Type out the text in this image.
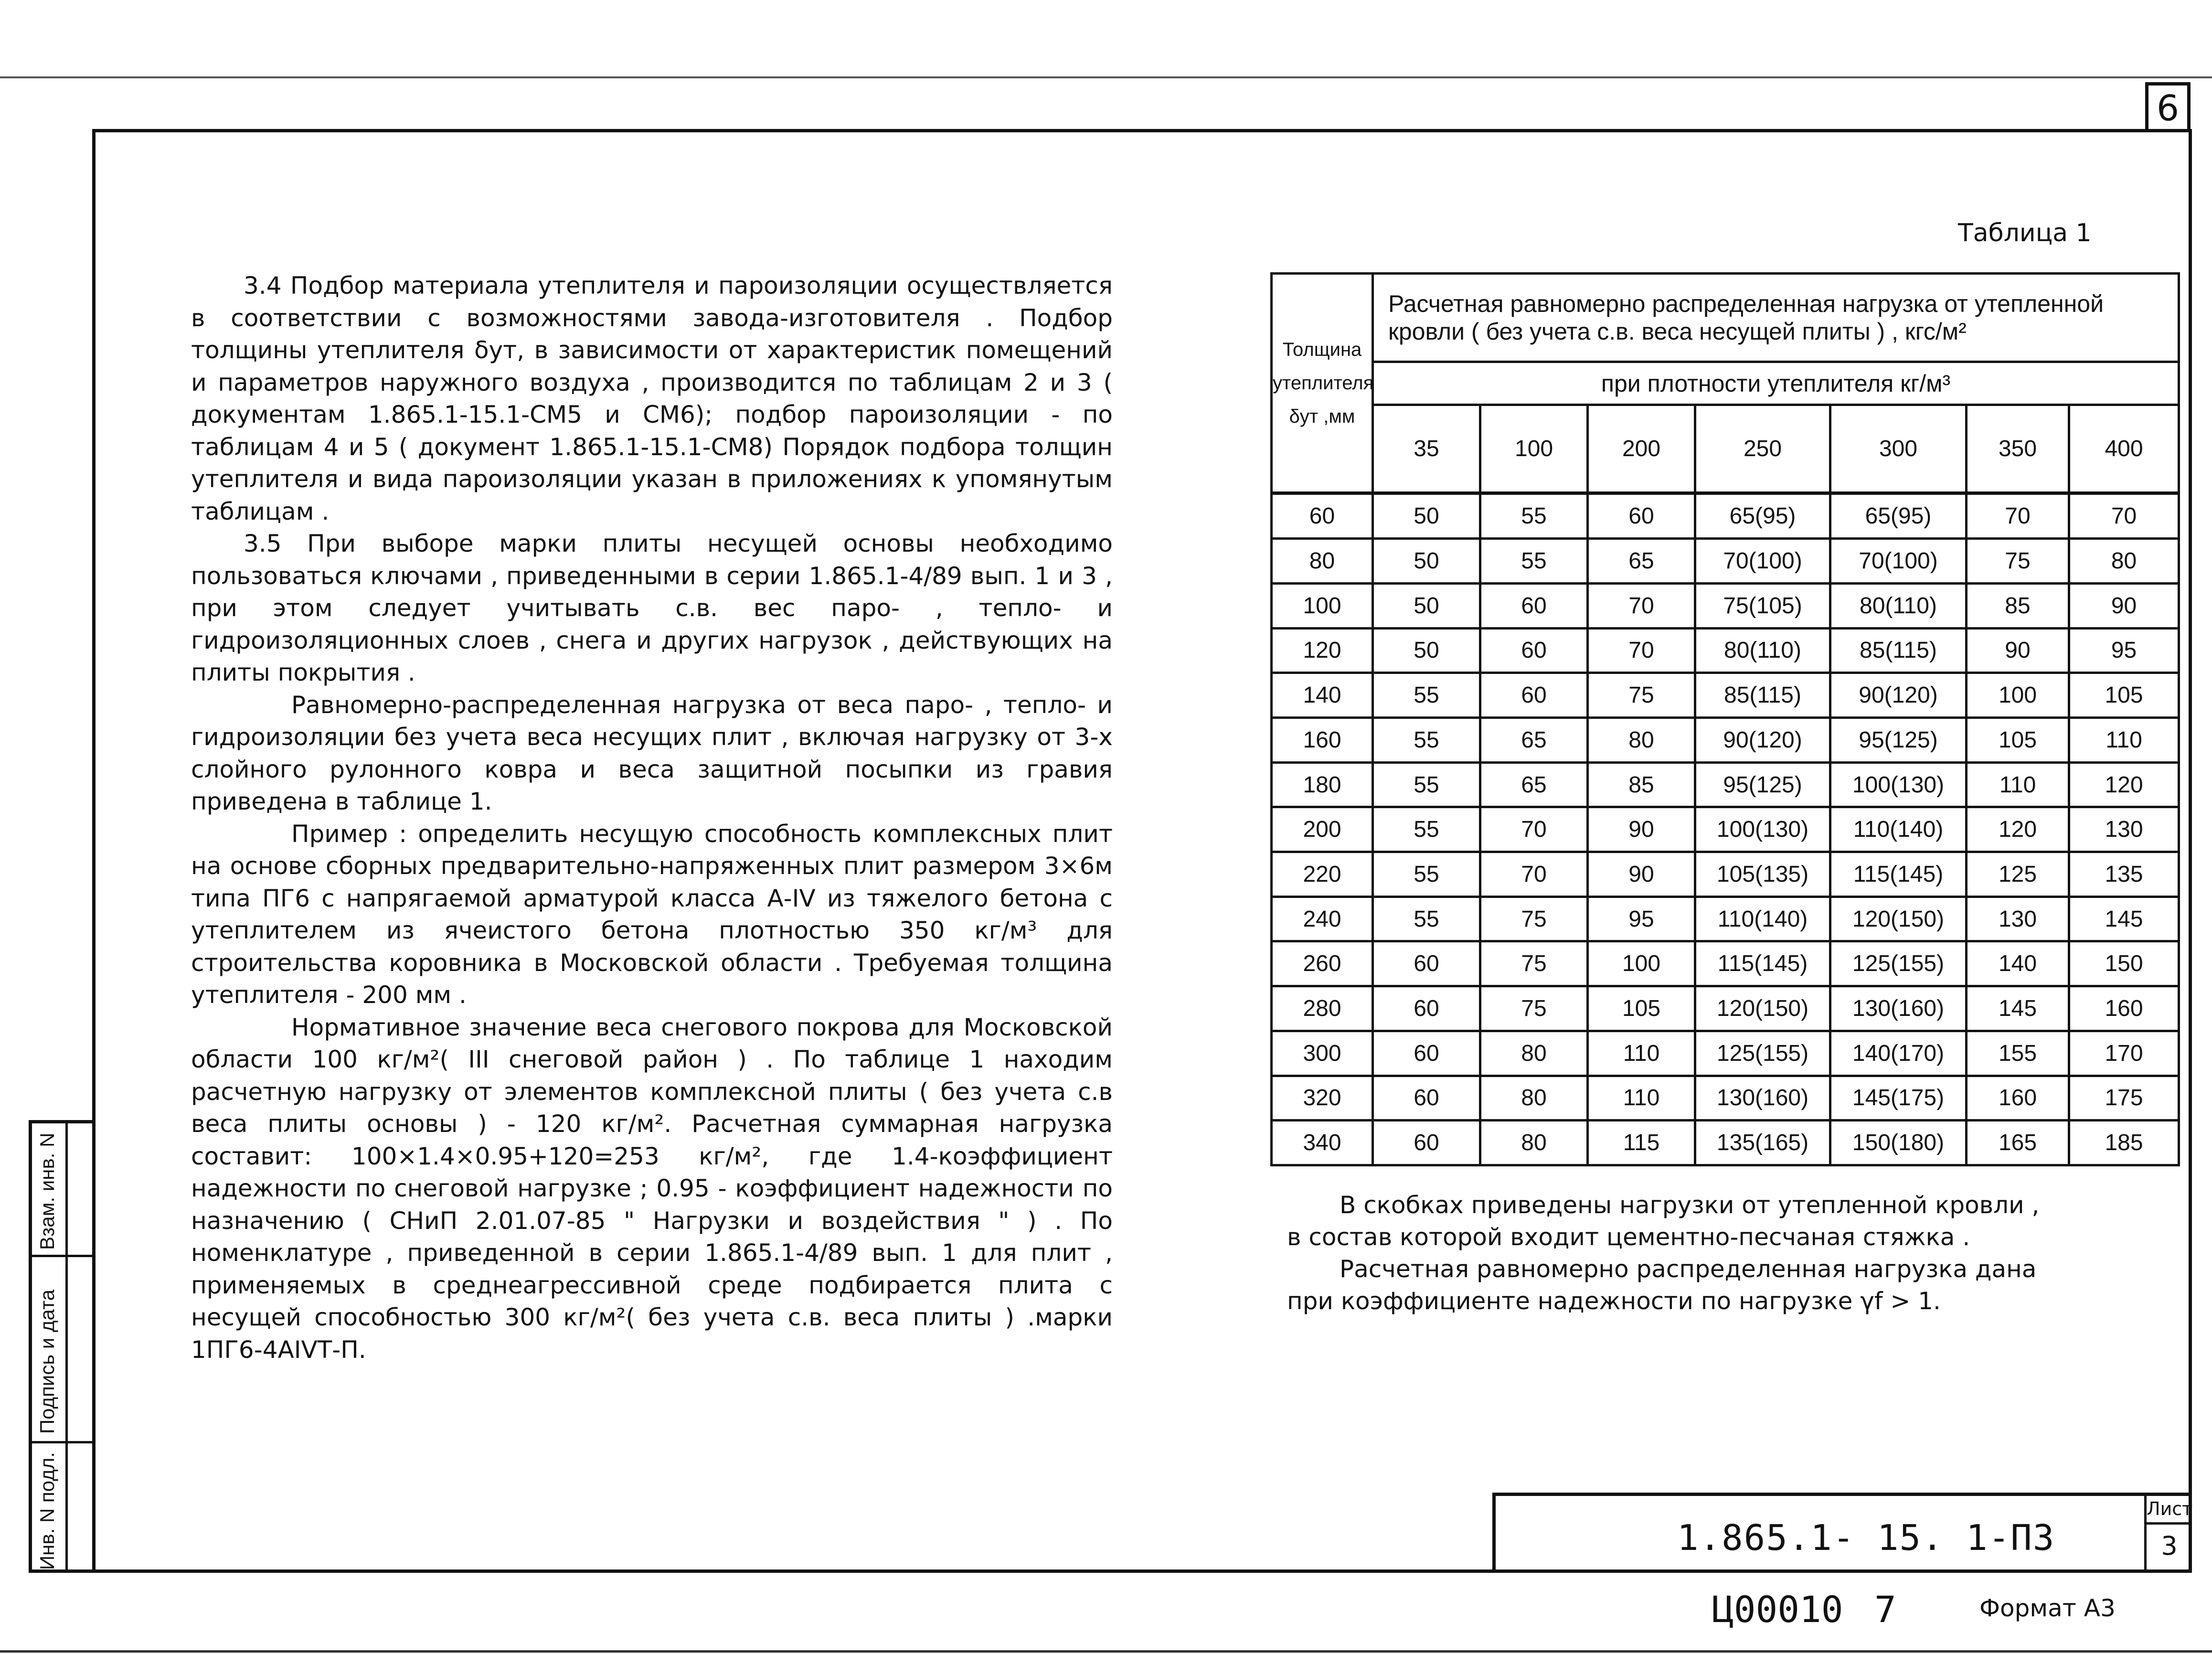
6
Инв. N подл.
Подпись и дата
Взам. инв. N

3.4 Подбор материала утеплителя и пароизоляции осуществляется в соответствии с возможностями завода-изготовителя . Подбор толщины утеплителя δут, в зависимости от характеристик помещений и параметров наружного воздуха , производится по таблицам 2 и 3 ( документам 1.865.1-15.1-СМ5 и СМ6); подбор пароизоляции - по таблицам 4 и 5 ( документ 1.865.1-15.1-СМ8) Порядок подбора толщин утеплителя и вида пароизоляции указан в приложениях к упомянутым таблицам .

3.5 При выборе марки плиты несущей основы необходимо пользоваться ключами , приведенными в серии 1.865.1-4/89 вып. 1 и 3 , при этом следует учитывать с.в. вес паро- , тепло- и гидроизоляционных слоев , снега и других нагрузок , действующих на плиты покрытия .

Равномерно-распределенная нагрузка от веса паро- , тепло- и гидроизоляции без учета веса несущих плит , включая нагрузку от 3-х слойного рулонного ковра и веса защитной посыпки из гравия приведена в таблице 1.

Пример : определить несущую способность комплексных плит на основе сборных предварительно-напряженных плит размером 3×6м типа ПГ6 с напрягаемой арматурой класса А-IV из тяжелого бетона с утеплителем из ячеистого бетона плотностью 350 кг/м³ для строительства коровника в Московской области . Требуемая толщина утеплителя - 200 мм .

Нормативное значение веса снегового покрова для Московской области 100 кг/м²( III снеговой район ) . По таблице 1 находим расчетную нагрузку от элементов комплексной плиты ( без учета с.в веса плиты основы ) - 120 кг/м². Расчетная суммарная нагрузка составит: 100×1.4×0.95+120=253 кг/м², где 1.4-коэффициент надежности по снеговой нагрузке ; 0.95 - коэффициент надежности по назначению ( СНиП 2.01.07-85 " Нагрузки и воздействия " ) . По номенклатуре , приведенной в серии 1.865.1-4/89 вып. 1 для плит , применяемых в среднеагрессивной среде подбирается плита с несущей способностью 300 кг/м²( без учета с.в. веса плиты ) .марки 1ПГ6-4АIVТ-П.

Таблица 1
Толщина
утеплителя
δут ,мм	Расчетная равномерно распределенная нагрузка от утепленной кровли ( без учета с.в. веса несущей плиты ) , кгс/м²						
	при плотности утеплителя кг/м³						
	35	100	200	250	300	350	400
60	50	55	60	65(95)	65(95)	70	70
80	50	55	65	70(100)	70(100)	75	80
100	50	60	70	75(105)	80(110)	85	90
120	50	60	70	80(110)	85(115)	90	95
140	55	60	75	85(115)	90(120)	100	105
160	55	65	80	90(120)	95(125)	105	110
180	55	65	85	95(125)	100(130)	110	120
200	55	70	90	100(130)	110(140)	120	130
220	55	70	90	105(135)	115(145)	125	135
240	55	75	95	110(140)	120(150)	130	145
260	60	75	100	115(145)	125(155)	140	150
280	60	75	105	120(150)	130(160)	145	160
300	60	80	110	125(155)	140(170)	155	170
320	60	80	110	130(160)	145(175)	160	175
340	60	80	115	135(165)	150(180)	165	185

В скобках приведены нагрузки от утепленной кровли , в состав которой входит цементно-песчаная стяжка .

Расчетная равномерно распределенная нагрузка дана при коэффициенте надежности по нагрузке γf > 1.

1.865.1- 15. 1-П3
Лист
3
Ц00010 7	Формат А3
